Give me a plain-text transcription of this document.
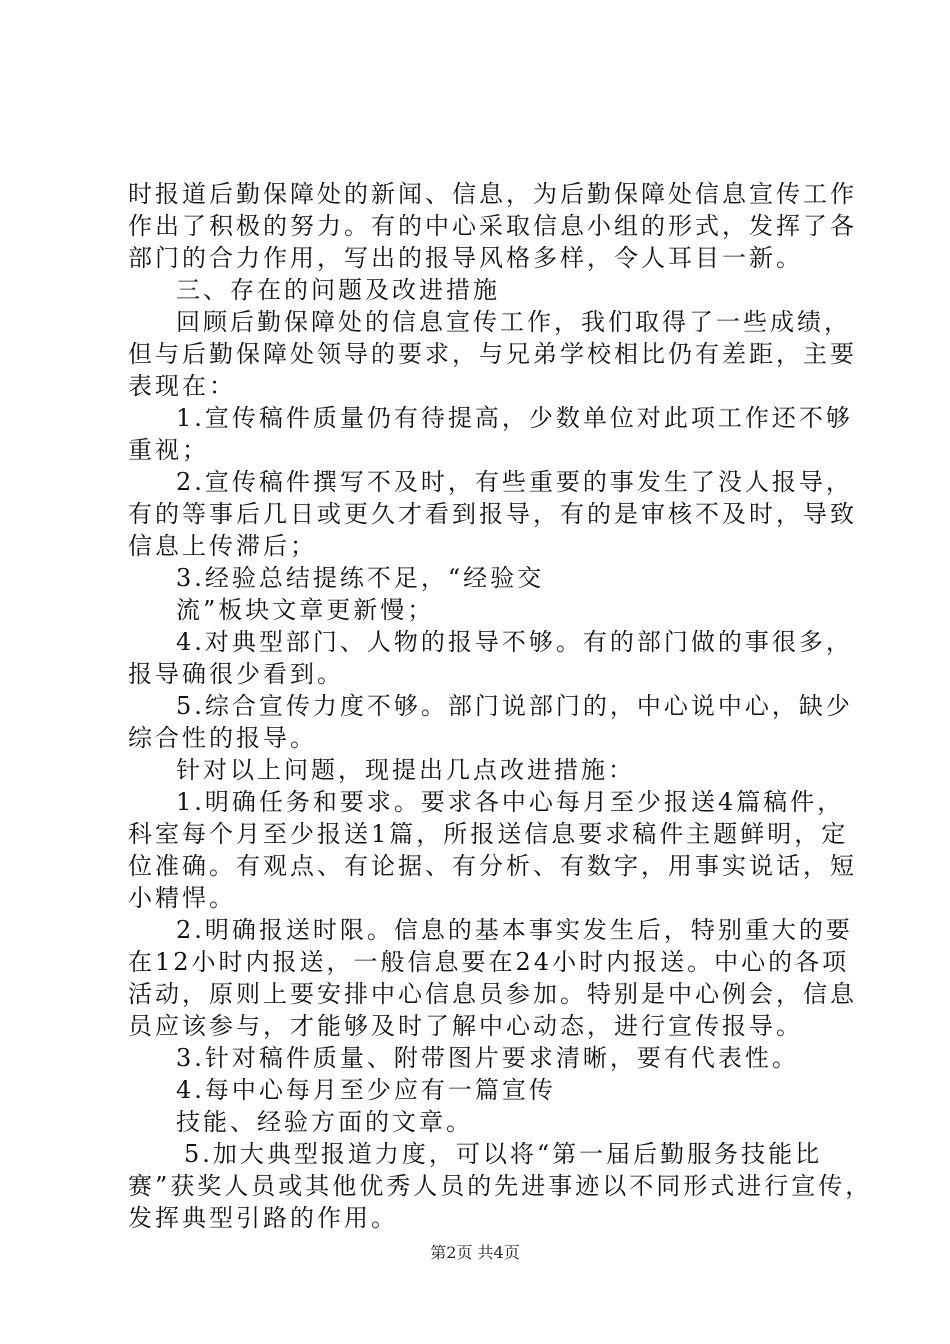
时报道后勤保障处的新闻、信息，为后勤保障处信息宣传工作
作出了积极的努力。有的中心采取信息小组的形式，发挥了各
部门的合力作用，写出的报导风格多样，令人耳目一新。
三、存在的问题及改进措施
回顾后勤保障处的信息宣传工作，我们取得了一些成绩，
但与后勤保障处领导的要求，与兄弟学校相比仍有差距，主要
表现在：
1.宣传稿件质量仍有待提高，少数单位对此项工作还不够
重视；
2.宣传稿件撰写不及时，有些重要的事发生了没人报导，
有的等事后几日或更久才看到报导，有的是审核不及时，导致
信息上传滞后；
3.经验总结提练不足，“经验交
流”板块文章更新慢；
4.对典型部门、人物的报导不够。有的部门做的事很多，
报导确很少看到。
5.综合宣传力度不够。部门说部门的，中心说中心，缺少
综合性的报导。
针对以上问题，现提出几点改进措施：
1.明确任务和要求。要求各中心每月至少报送4篇稿件，
科室每个月至少报送1篇，所报送信息要求稿件主题鲜明，定
位准确。有观点、有论据、有分析、有数字，用事实说话，短
小精悍。
2.明确报送时限。信息的基本事实发生后，特别重大的要
在12小时内报送，一般信息要在24小时内报送。中心的各项
活动，原则上要安排中心信息员参加。特别是中心例会，信息
员应该参与，才能够及时了解中心动态，进行宣传报导。
3.针对稿件质量、附带图片要求清晰，要有代表性。
4.每中心每月至少应有一篇宣传
技能、经验方面的文章。
5.加大典型报道力度，可以将“第一届后勤服务技能比
赛”获奖人员或其他优秀人员的先进事迹以不同形式进行宣传，
发挥典型引路的作用。
第2页 共4页
